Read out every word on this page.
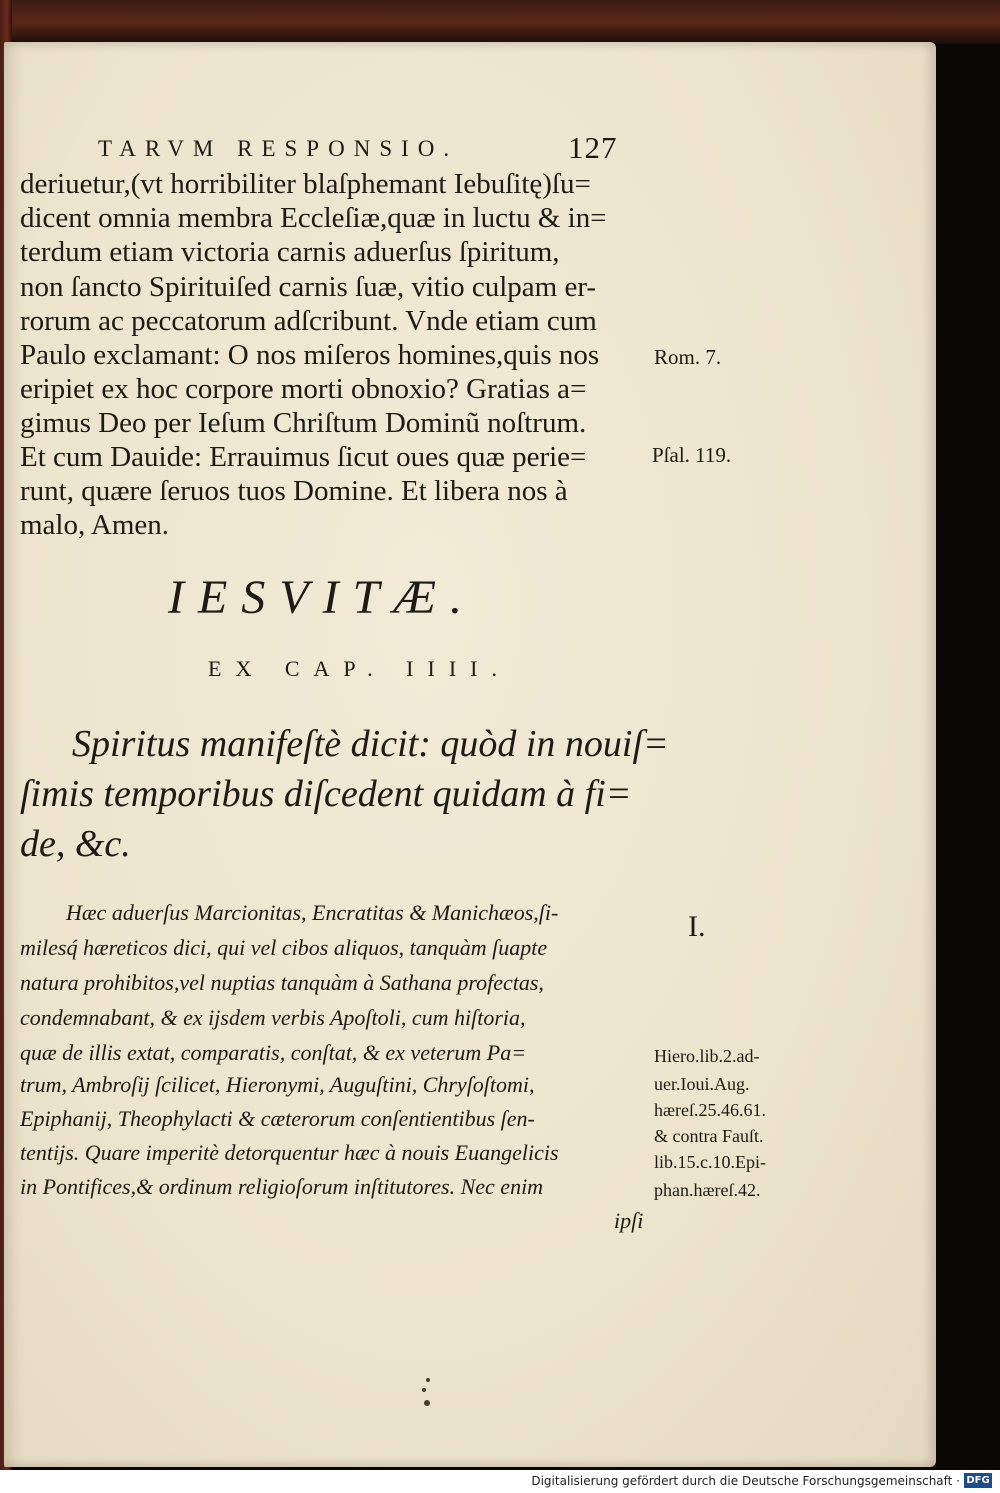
TARVM RESPONSIO.	127
deriuetur,(vt horribiliter blaſphemant Iebuſitę)ſu=
dicent omnia membra Eccleſiæ,quæ in luctu & in=
terdum etiam victoria carnis aduerſus ſpiritum,
non ſancto Spirituiſed carnis ſuæ, vitio culpam er-
rorum ac peccatorum adſcribunt. Vnde etiam cum
Paulo exclamant: O nos miſeros homines,quis nos
eripiet ex hoc corpore morti obnoxio? Gratias a=
gimus Deo per Ieſum Chriſtum Dominũ noſtrum.
Et cum Dauide: Errauimus ſicut oues quæ perie=
runt, quære ſeruos tuos Domine. Et libera nos à
malo, Amen.
Rom. 7.
Pſal. 119.
IESVITÆ.
EX CAP. IIII.
Spiritus manifeſtè dicit: quòd in nouiſ=
ſimis temporibus diſcedent quidam à fi=
de, &c.
I.
Hæc aduerſus Marcionitas, Encratitas & Manichæos,ſi-
milesq́ hæreticos dici, qui vel cibos aliquos, tanquàm ſuapte
natura prohibitos,vel nuptias tanquàm à Sathana profectas,
condemnabant, & ex ijsdem verbis Apoſtoli, cum hiſtoria,
quæ de illis extat, comparatis, conſtat, & ex veterum Pa=
trum, Ambroſij ſcilicet, Hieronymi, Auguſtini, Chryſoſtomi,
Epiphanij, Theophylacti & cæterorum conſentientibus ſen-
tentijs. Quare imperitè detorquentur hæc à nouis Euangelicis
in Pontifices,& ordinum religioſorum inſtitutores. Nec enim
ipſi
Hiero.lib.2.ad-
uer.Ioui.Aug.
hæreſ.25.46.61.
& contra Fauſt.
lib.15.c.10.Epi-
phan.hæreſ.42.
Digitalisierung gefördert durch die Deutsche Forschungsgemeinschaft · DFG
